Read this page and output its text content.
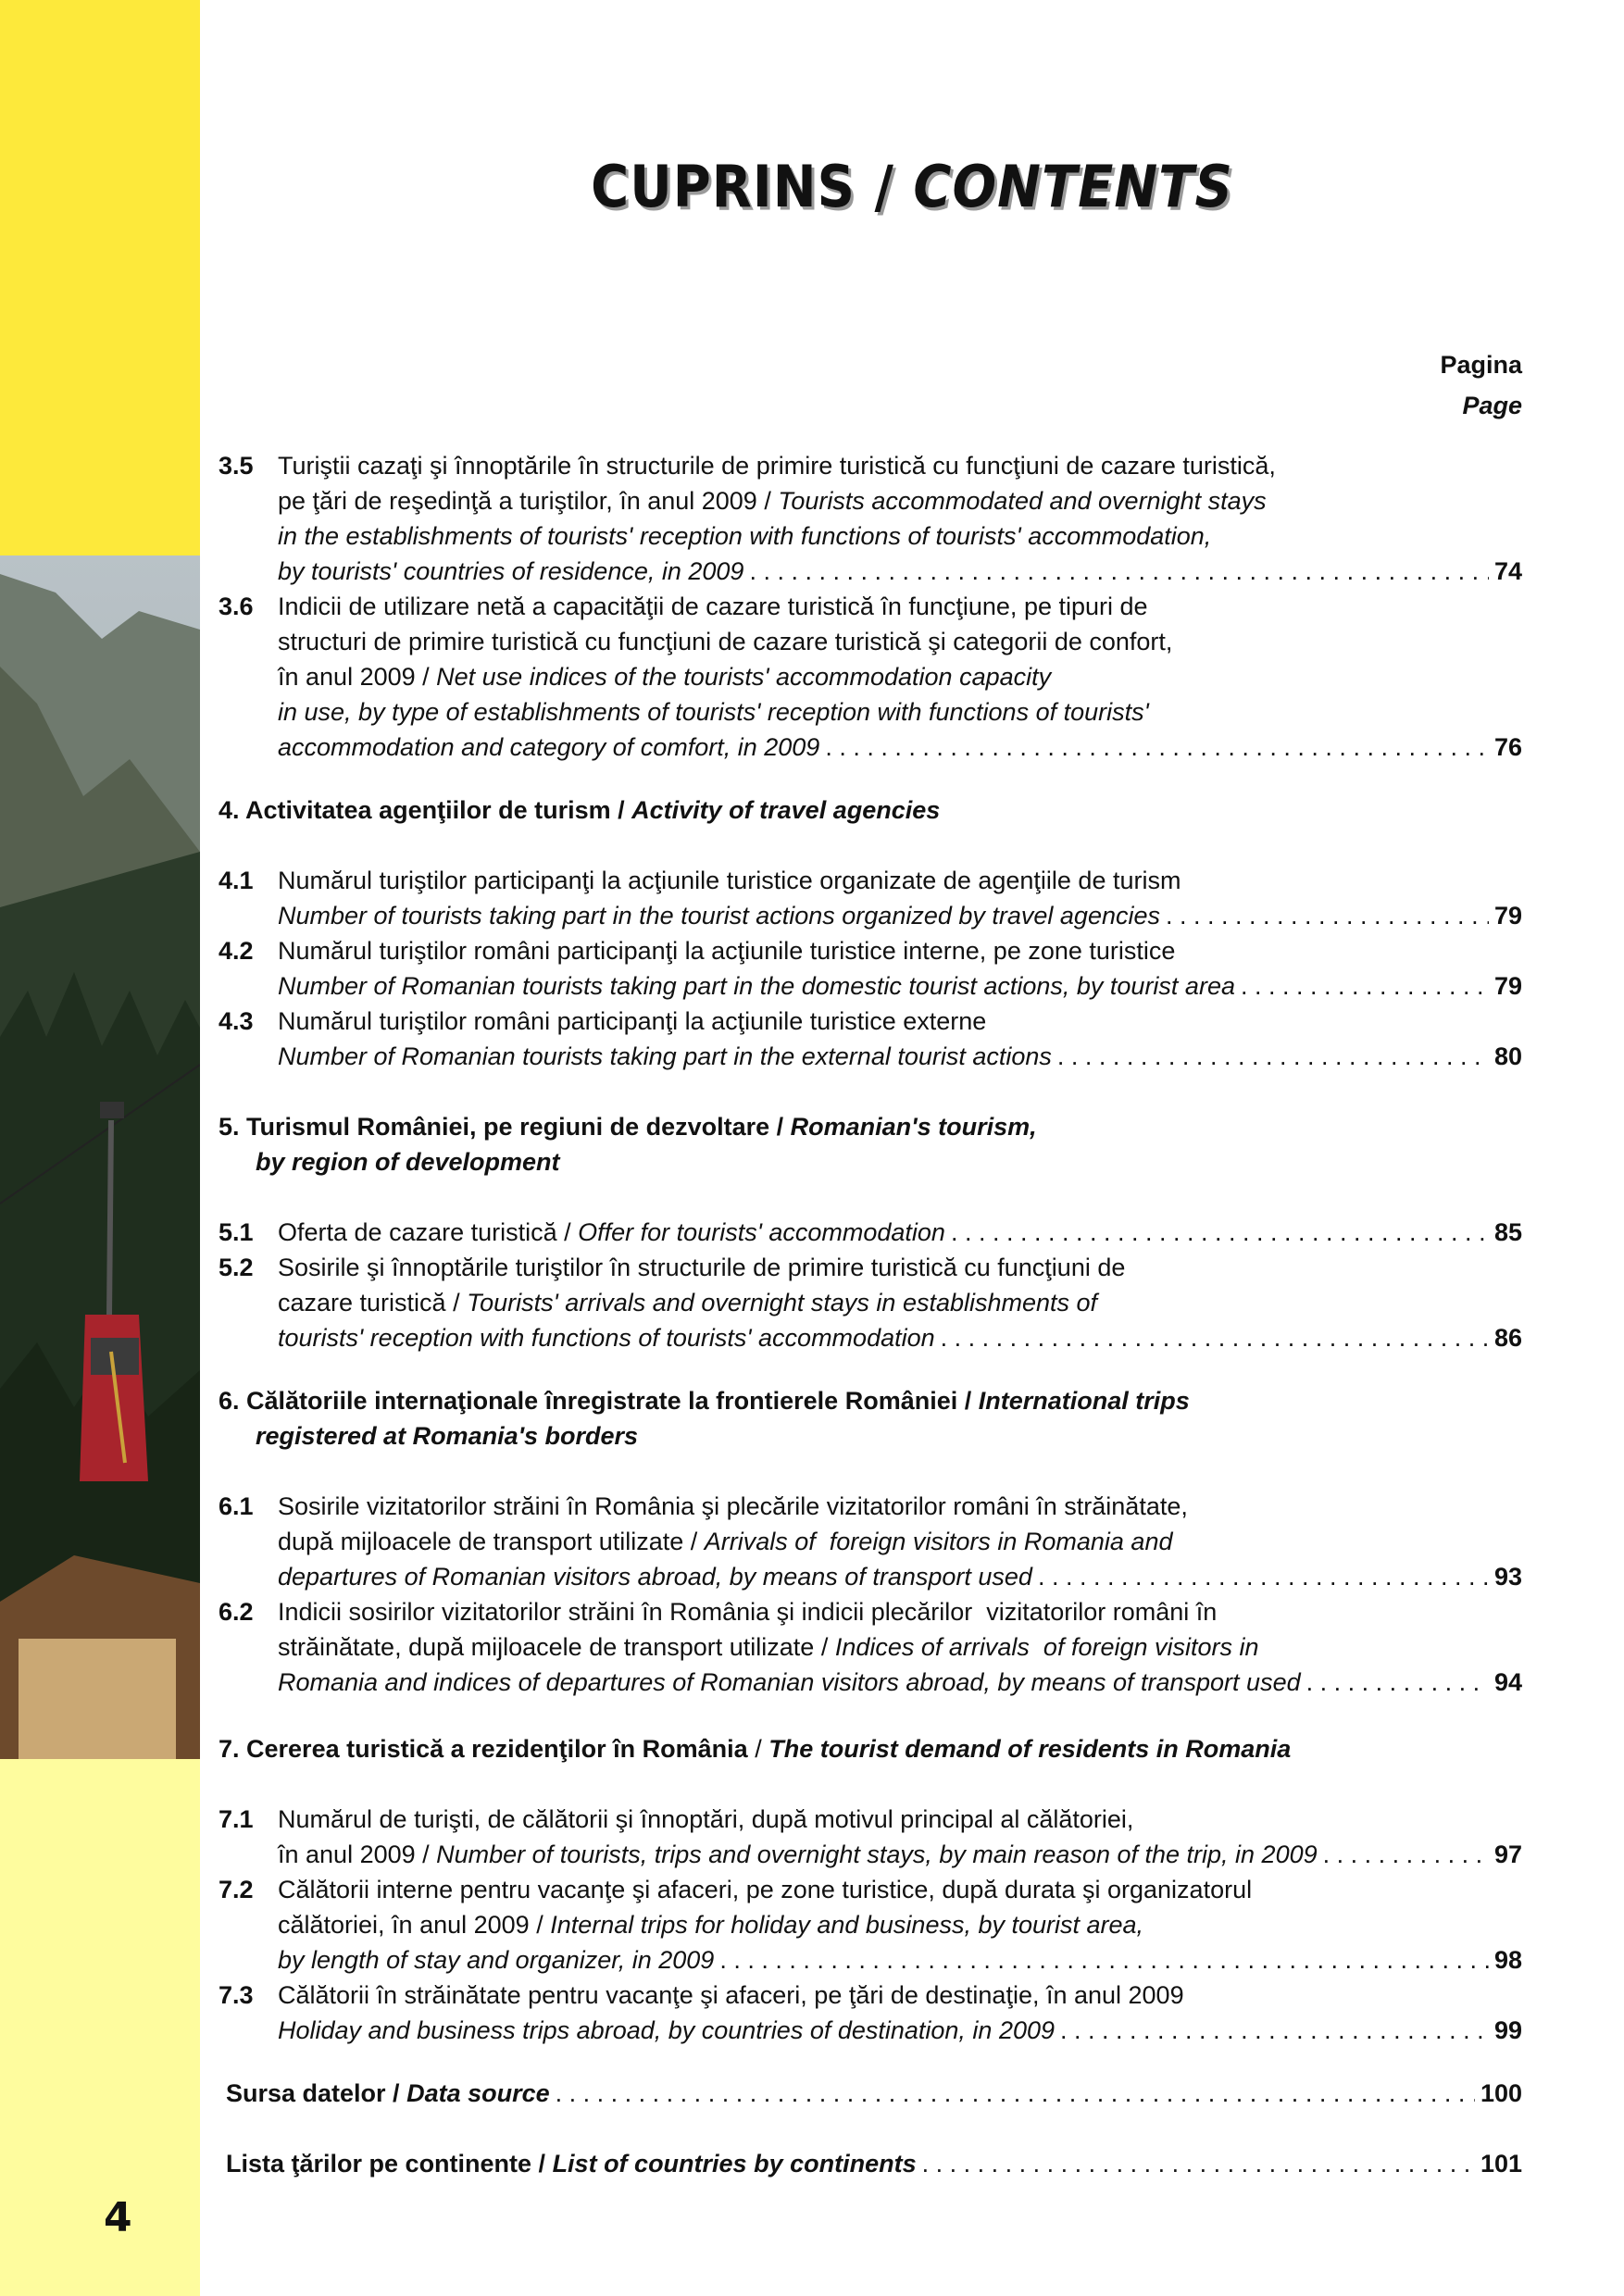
4
CUPRINS / CONTENTS
Pagina
Page
3.5 Turiştii cazaţi şi înnoptările în structurile de primire turistică cu funcţiuni de cazare turistică,
pe ţări de reşedinţă a turiştilor, în anul 2009 / Tourists accommodated and overnight stays
in the establishments of tourists' reception with functions of tourists' accommodation,
by tourists' countries of residence, in 2009 . . .	74
3.6 Indicii de utilizare netă a capacităţii de cazare turistică în funcţiune, pe tipuri de
structuri de primire turistică cu funcţiuni de cazare turistică şi categorii de confort,
în anul 2009 / Net use indices of the tourists' accommodation capacity
in use, by type of establishments of tourists' reception with functions of tourists'
accommodation and category of comfort, in 2009 . . .	76
4. Activitatea agenţiilor de turism / Activity of travel agencies
4.1 Numărul turiştilor participanţi la acţiunile turistice organizate de agenţiile de turism
Number of tourists taking part in the tourist actions organized by travel agencies . . .	79
4.2 Numărul turiştilor români participanţi la acţiunile turistice interne, pe zone turistice
Number of Romanian tourists taking part in the domestic tourist actions, by tourist area . . .	79
4.3 Numărul turiştilor români participanţi la acţiunile turistice externe
Number of Romanian tourists taking part in the external tourist actions . . .	80
5. Turismul României, pe regiuni de dezvoltare / Romanian's tourism,
by region of development
5.1 Oferta de cazare turistică / Offer for tourists' accommodation . . .	85
5.2 Sosirile şi înnoptările turiştilor în structurile de primire turistică cu funcţiuni de
cazare turistică / Tourists' arrivals and overnight stays in establishments of
tourists' reception with functions of tourists' accommodation . . .	86
6. Călătoriile internaţionale înregistrate la frontierele României / International trips
registered at Romania's borders
6.1 Sosirile vizitatorilor străini în România şi plecările vizitatorilor români în străinătate,
după mijloacele de transport utilizate / Arrivals of  foreign visitors in Romania and
departures of Romanian visitors abroad, by means of transport used . . .	93
6.2 Indicii sosirilor vizitatorilor străini în România şi indicii plecărilor  vizitatorilor români în
străinătate, după mijloacele de transport utilizate / Indices of arrivals  of foreign visitors in
Romania and indices of departures of Romanian visitors abroad, by means of transport used . . .	94
7. Cererea turistică a rezidenţilor în România / The tourist demand of residents in Romania
7.1 Numărul de turişti, de călătorii şi înnoptări, după motivul principal al călătoriei,
în anul 2009 / Number of tourists, trips and overnight stays, by main reason of the trip, in 2009 . . .	97
7.2 Călătorii interne pentru vacanţe şi afaceri, pe zone turistice, după durata şi organizatorul
călătoriei, în anul 2009 / Internal trips for holiday and business, by tourist area,
by length of stay and organizer, in 2009 . . .	98
7.3 Călătorii în străinătate pentru vacanţe şi afaceri, pe ţări de destinaţie, în anul 2009
Holiday and business trips abroad, by countries of destination, in 2009 . . .	99
Sursa datelor / Data source . . .	100
Lista ţărilor pe continente / List of countries by continents . . .	101
